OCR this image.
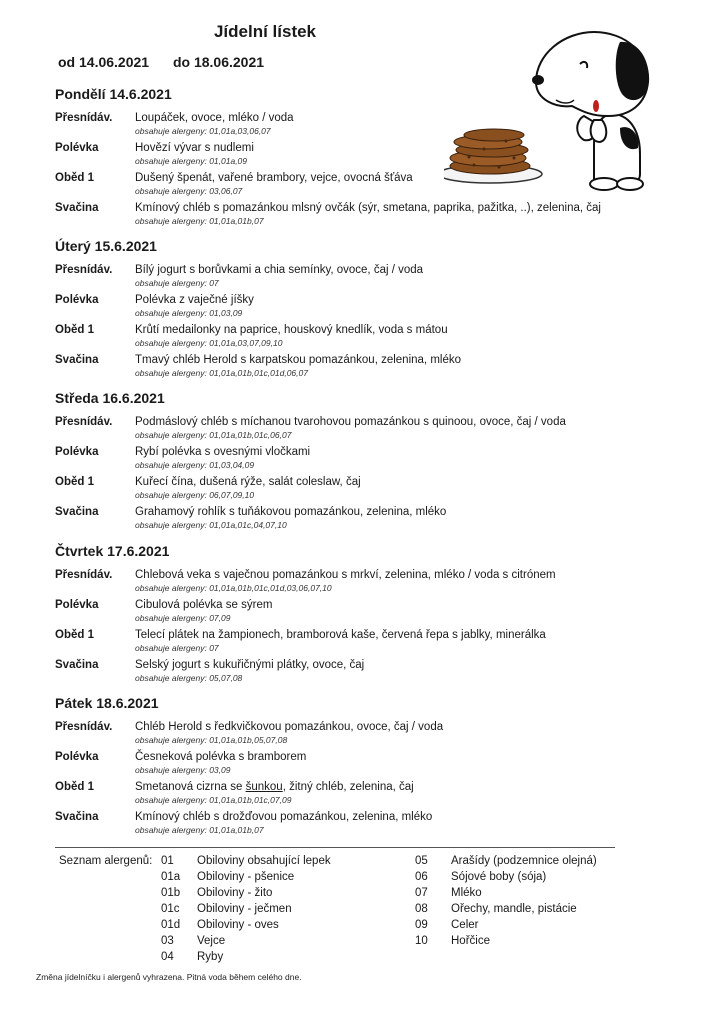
Jídelní lístek
od 14.06.2021 do 18.06.2021
Pondělí 14.6.2021
Přesnídáv. Loupáček, ovoce, mléko / voda
obsahuje alergeny: 01,01a,03,06,07
Polévka	Hovězí vývar s nudlemi
obsahuje alergeny: 01,01a,09
Oběd 1	Dušený špenát, vařené brambory, vejce, ovocná šťáva
obsahuje alergeny: 03,06,07
Svačina	Kmínový chléb s pomazánkou mlsný ovčák (sýr, smetana, paprika, pažitka, ..), zelenina, čaj
obsahuje alergeny: 01,01a,01b,07
Úterý 15.6.2021
Přesnídáv. Bílý jogurt s borůvkami a chia semínky, ovoce, čaj / voda
obsahuje alergeny: 07
Polévka	Polévka z vaječné jíšky
obsahuje alergeny: 01,03,09
Oběd 1	Krůtí medailonky na paprice, houskový knedlík, voda s mátou
obsahuje alergeny: 01,01a,03,07,09,10
Svačina	Tmavý chléb Herold s karpatskou pomazánkou, zelenina, mléko
obsahuje alergeny: 01,01a,01b,01c,01d,06,07
Středa 16.6.2021
Přesnídáv. Podmáslový chléb s míchanou tvarohovou pomazánkou s quinoou, ovoce, čaj / voda
obsahuje alergeny: 01,01a,01b,01c,06,07
Polévka	Rybí polévka s ovesnými vločkami
obsahuje alergeny: 01,03,04,09
Oběd 1	Kuřecí čína, dušená rýže, salát coleslaw, čaj
obsahuje alergeny: 06,07,09,10
Svačina	Grahamový rohlík s tuňákovou pomazánkou, zelenina, mléko
obsahuje alergeny: 01,01a,01c,04,07,10
Čtvrtek 17.6.2021
Přesnídáv. Chlebová veka s vaječnou pomazánkou s mrkví, zelenina, mléko / voda s citrónem
obsahuje alergeny: 01,01a,01b,01c,01d,03,06,07,10
Polévka	Cibulová polévka se sýrem
obsahuje alergeny: 07,09
Oběd 1	Telecí plátek na žampionech, bramborová kaše, červená řepa s jablky, minerálka
obsahuje alergeny: 07
Svačina	Selský jogurt s kukuřičnými plátky, ovoce, čaj
obsahuje alergeny: 05,07,08
Pátek 18.6.2021
Přesnídáv. Chléb Herold s ředkvičkovou pomazánkou, ovoce, čaj / voda
obsahuje alergeny: 01,01a,01b,05,07,08
Polévka	Česneková polévka s bramborem
obsahuje alergeny: 03,09
Oběd 1	Smetanová cizrna se šunkou, žitný chléb, zelenina, čaj
obsahuje alergeny: 01,01a,01b,01c,07,09
Svačina	Kmínový chléb s drožďovou pomazánkou, zelenina, mléko
obsahuje alergeny: 01,01a,01b,07
Seznam alergenů: 01 Obiloviny obsahující lepek
01a Obiloviny - pšenice
01b Obiloviny - žito
01c Obiloviny - ječmen
01d Obiloviny - oves
03 Vejce
04 Ryby
05 Arašídy (podzemnice olejná)
06 Sójové boby (sója)
07 Mléko
08 Ořechy, mandle, pistácie
09 Celer
10 Hořčice
Změna jídelníčku i alergenů vyhrazena. Pitná voda během celého dne.
